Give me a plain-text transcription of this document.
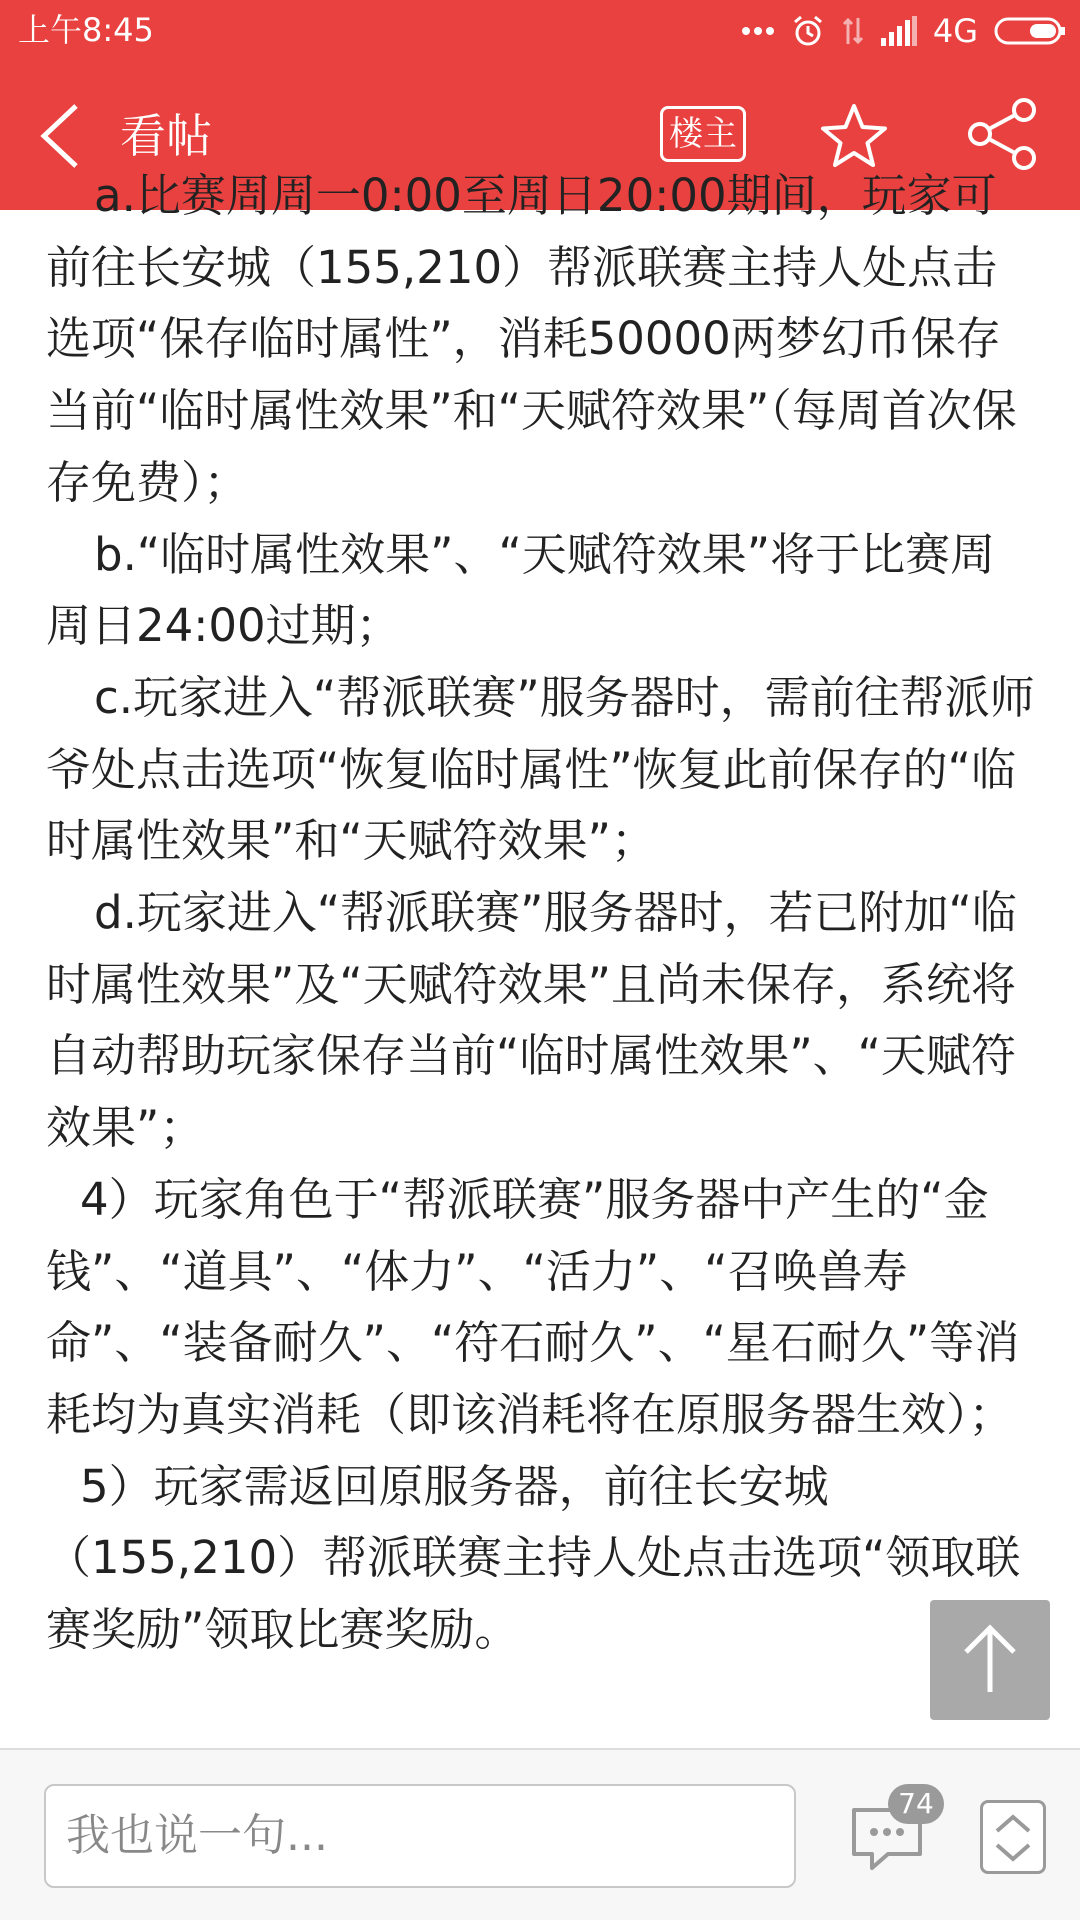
上午8:45	4G
看帖	楼主

a.比赛周周一0:00至周日20:00期间，玩家可前往长安城（155,210）帮派联赛主持人处点击选项“保存临时属性”，消耗50000两梦幻币保存当前“临时属性效果”和“天赋符效果”（每周首次保存免费）；

b.“临时属性效果”、“天赋符效果”将于比赛周周日24:00过期；

c.玩家进入“帮派联赛”服务器时，需前往帮派师爷处点击选项“恢复临时属性”恢复此前保存的“临时属性效果”和“天赋符效果”；

d.玩家进入“帮派联赛”服务器时，若已附加“临时属性效果”及“天赋符效果”且尚未保存，系统将自动帮助玩家保存当前“临时属性效果”、“天赋符效果”；

4）玩家角色于“帮派联赛”服务器中产生的“金钱”、“道具”、“体力”、“活力”、“召唤兽寿命”、“装备耐久”、“符石耐久”、“星石耐久”等消耗均为真实消耗（即该消耗将在原服务器生效）；

5）玩家需返回原服务器，前往长安城（155,210）帮派联赛主持人处点击选项“领取联赛奖励”领取比赛奖励。

我也说一句...
74
